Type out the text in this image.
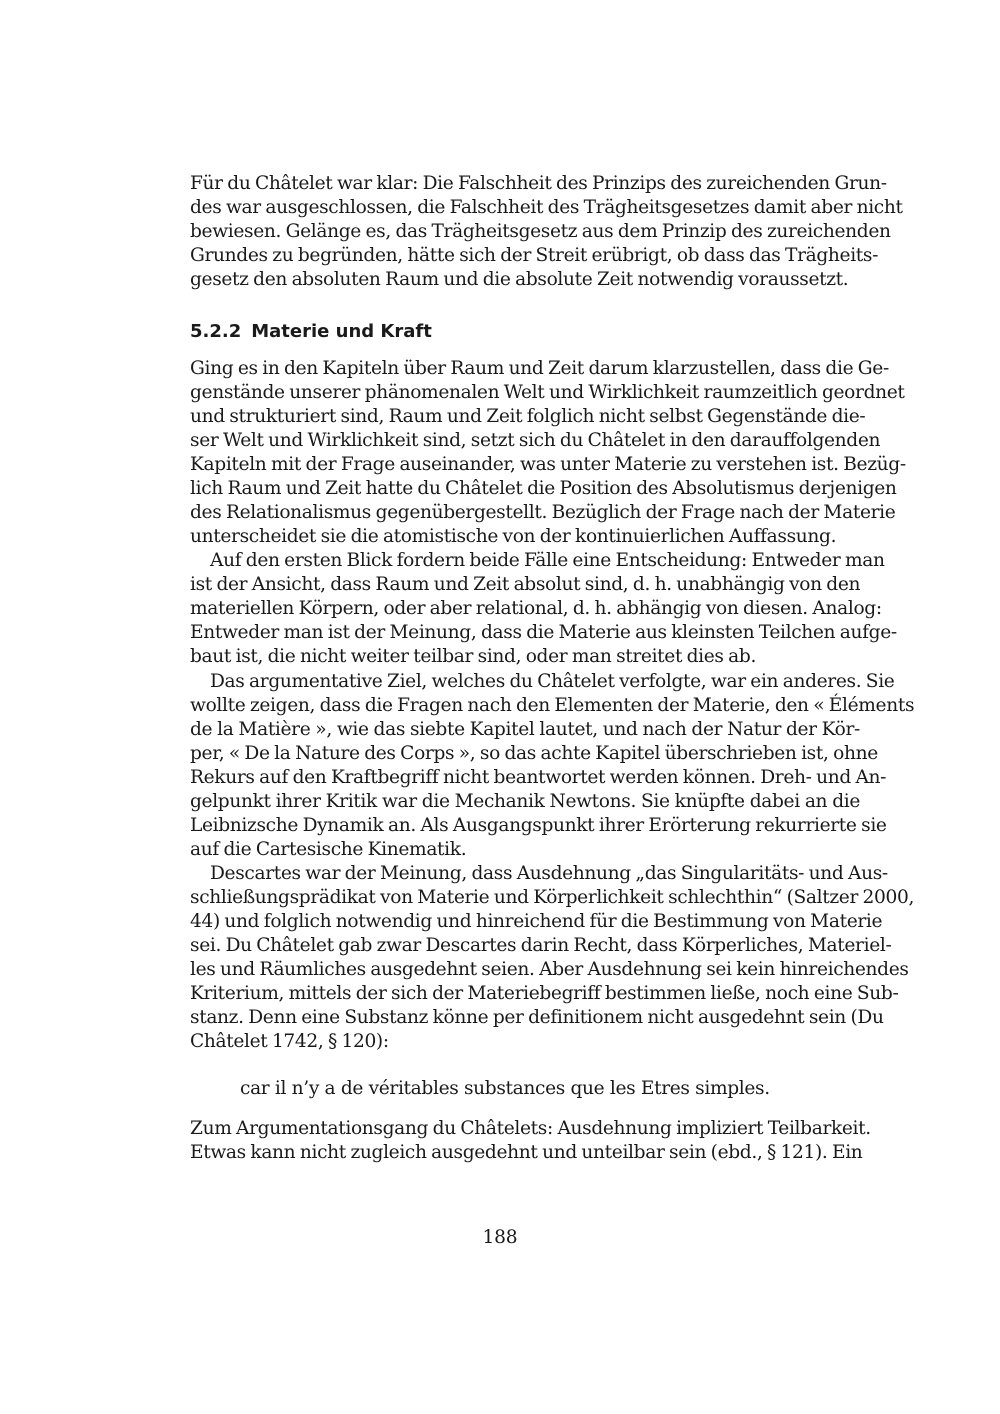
Für du Châtelet war klar: Die Falschheit des Prinzips des zureichenden Grun-
des war ausgeschlossen, die Falschheit des Trägheitsgesetzes damit aber nicht
bewiesen. Gelänge es, das Trägheitsgesetz aus dem Prinzip des zureichenden
Grundes zu begründen, hätte sich der Streit erübrigt, ob dass das Trägheits-
gesetz den absoluten Raum und die absolute Zeit notwendig voraussetzt.
5.2.2 Materie und Kraft
Ging es in den Kapiteln über Raum und Zeit darum klarzustellen, dass die Ge-
genstände unserer phänomenalen Welt und Wirklichkeit raumzeitlich geordnet
und strukturiert sind, Raum und Zeit folglich nicht selbst Gegenstände die-
ser Welt und Wirklichkeit sind, setzt sich du Châtelet in den darauffolgenden
Kapiteln mit der Frage auseinander, was unter Materie zu verstehen ist. Bezüg-
lich Raum und Zeit hatte du Châtelet die Position des Absolutismus derjenigen
des Relationalismus gegenübergestellt. Bezüglich der Frage nach der Materie
unterscheidet sie die atomistische von der kontinuierlichen Auffassung.
Auf den ersten Blick fordern beide Fälle eine Entscheidung: Entweder man
ist der Ansicht, dass Raum und Zeit absolut sind, d. h. unabhängig von den
materiellen Körpern, oder aber relational, d. h. abhängig von diesen. Analog:
Entweder man ist der Meinung, dass die Materie aus kleinsten Teilchen aufge-
baut ist, die nicht weiter teilbar sind, oder man streitet dies ab.
Das argumentative Ziel, welches du Châtelet verfolgte, war ein anderes. Sie
wollte zeigen, dass die Fragen nach den Elementen der Materie, den « Éléments
de la Matière », wie das siebte Kapitel lautet, und nach der Natur der Kör-
per, « De la Nature des Corps », so das achte Kapitel überschrieben ist, ohne
Rekurs auf den Kraftbegriff nicht beantwortet werden können. Dreh- und An-
gelpunkt ihrer Kritik war die Mechanik Newtons. Sie knüpfte dabei an die
Leibnizsche Dynamik an. Als Ausgangspunkt ihrer Erörterung rekurrierte sie
auf die Cartesische Kinematik.
Descartes war der Meinung, dass Ausdehnung „das Singularitäts- und Aus-
schließungsprädikat von Materie und Körperlichkeit schlechthin“ (Saltzer 2000,
44) und folglich notwendig und hinreichend für die Bestimmung von Materie
sei. Du Châtelet gab zwar Descartes darin Recht, dass Körperliches, Materiel-
les und Räumliches ausgedehnt seien. Aber Ausdehnung sei kein hinreichendes
Kriterium, mittels der sich der Materiebegriff bestimmen ließe, noch eine Sub-
stanz. Denn eine Substanz könne per definitionem nicht ausgedehnt sein (Du
Châtelet 1742, § 120):
car il n’y a de véritables substances que les Etres simples.
Zum Argumentationsgang du Châtelets: Ausdehnung impliziert Teilbarkeit.
Etwas kann nicht zugleich ausgedehnt und unteilbar sein (ebd., § 121). Ein
188
